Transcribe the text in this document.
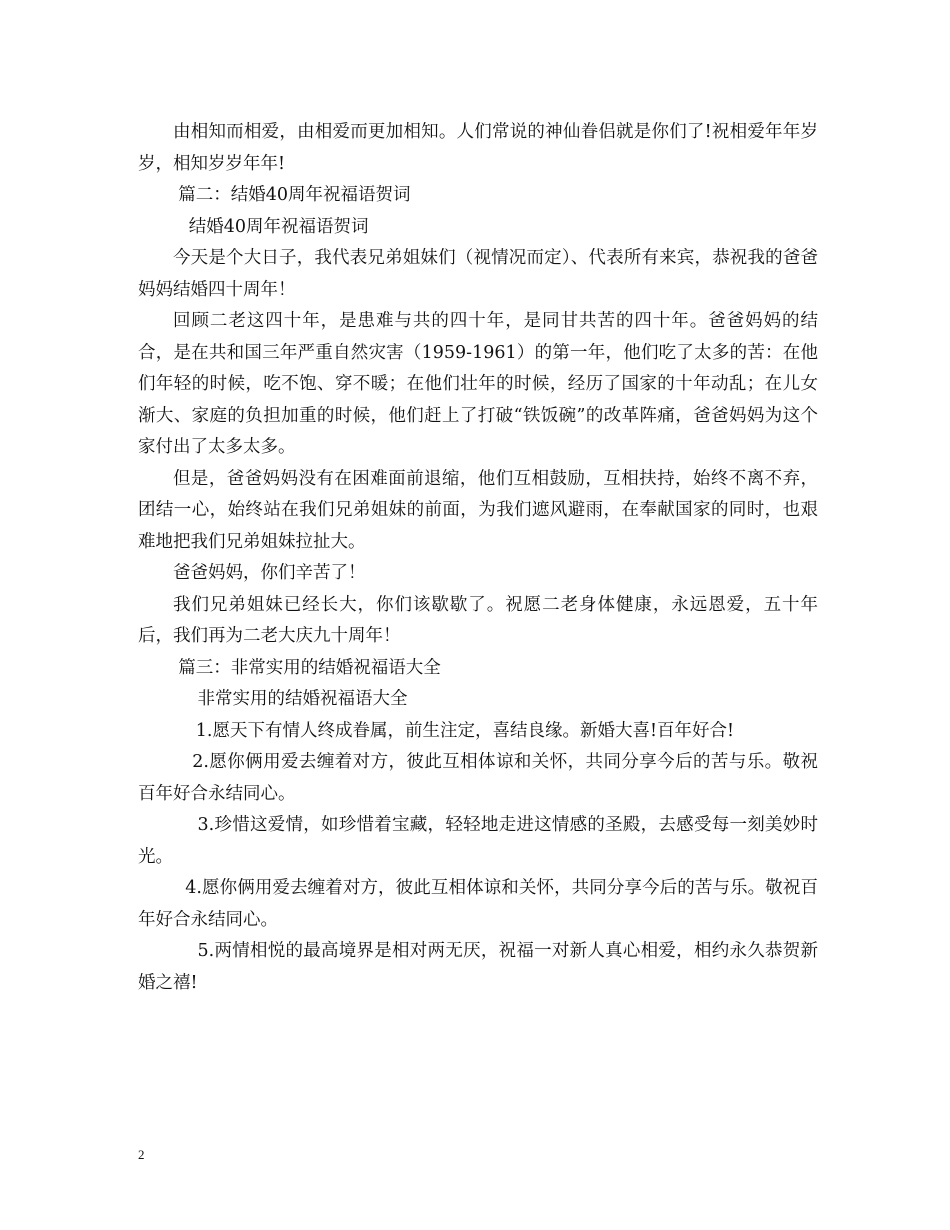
由相知而相爱，由相爱而更加相知。人们常说的神仙眷侣就是你们了!祝相爱年年岁岁，相知岁岁年年!

篇二：结婚40周年祝福语贺词

结婚40周年祝福语贺词

今天是个大日子，我代表兄弟姐妹们（视情况而定）、代表所有来宾，恭祝我的爸爸妈妈结婚四十周年！

回顾二老这四十年，是患难与共的四十年，是同甘共苦的四十年。爸爸妈妈的结合，是在共和国三年严重自然灾害（1959-1961）的第一年，他们吃了太多的苦：在他们年轻的时候，吃不饱、穿不暖；在他们壮年的时候，经历了国家的十年动乱；在儿女渐大、家庭的负担加重的时候，他们赶上了打破“铁饭碗”的改革阵痛，爸爸妈妈为这个家付出了太多太多。

但是，爸爸妈妈没有在困难面前退缩，他们互相鼓励，互相扶持，始终不离不弃，团结一心，始终站在我们兄弟姐妹的前面，为我们遮风避雨，在奉献国家的同时，也艰难地把我们兄弟姐妹拉扯大。

爸爸妈妈，你们辛苦了！

我们兄弟姐妹已经长大，你们该歇歇了。祝愿二老身体健康，永远恩爱，五十年后，我们再为二老大庆九十周年！

篇三：非常实用的结婚祝福语大全

非常实用的结婚祝福语大全

1.愿天下有情人终成眷属，前生注定，喜结良缘。新婚大喜!百年好合!

2.愿你俩用爱去缠着对方，彼此互相体谅和关怀，共同分享今后的苦与乐。敬祝百年好合永结同心。

3.珍惜这爱情，如珍惜着宝藏，轻轻地走进这情感的圣殿，去感受每一刻美妙时光。

4.愿你俩用爱去缠着对方，彼此互相体谅和关怀，共同分享今后的苦与乐。敬祝百年好合永结同心。

5.两情相悦的最高境界是相对两无厌，祝福一对新人真心相爱，相约永久恭贺新婚之禧!

2
